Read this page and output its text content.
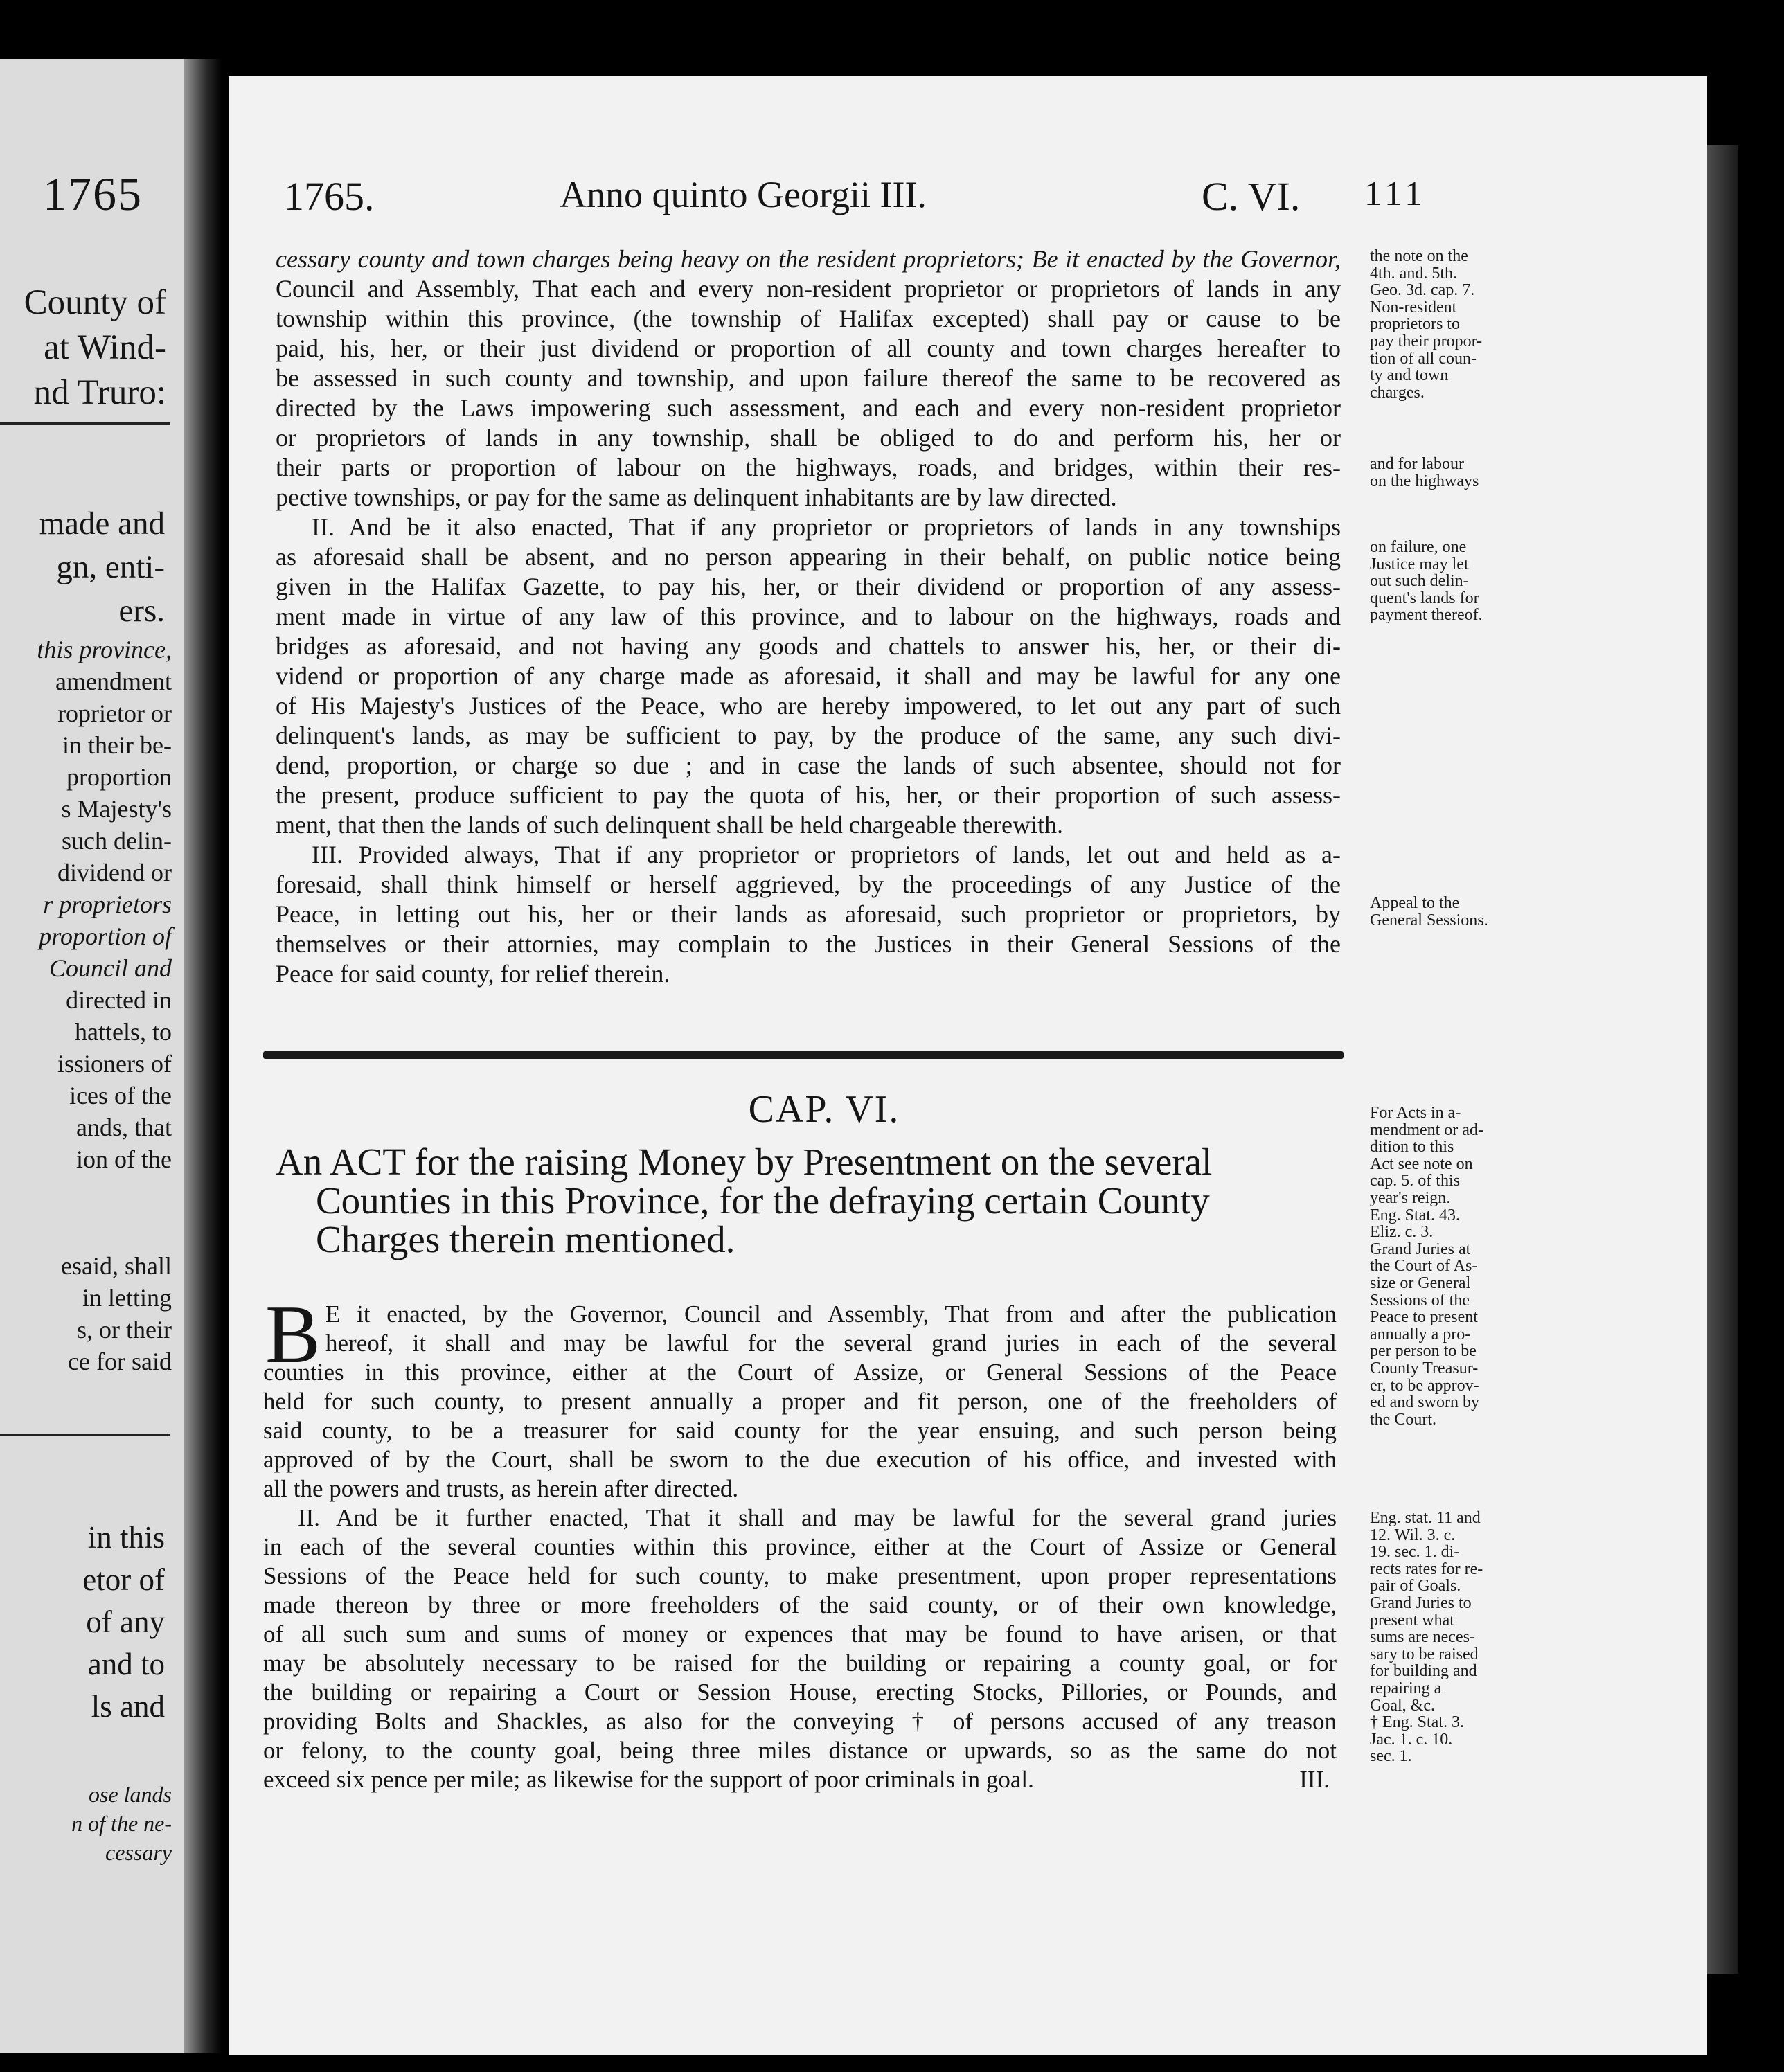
1765
County of
at Wind-
nd Truro:
made and
gn, enti-
ers.
this province,
amendment
roprietor or
in their be-
proportion
s Majesty's
such delin-
dividend or
r proprietors
proportion of
Council and
directed in
hattels, to
issioners of
ices of the
ands, that
ion of the
esaid, shall
in letting
s, or their
ce for said
in this
etor of
of any
and to
ls and
ose lands
n of the ne-
cessary
1765.	Anno quinto Georgii III.	C. VI. 111
cessary county and town charges being heavy on the resident proprietors; Be it enacted by the Governor,
Council and Assembly, That each and every non-resident proprietor or proprietors of lands in any
township within this province, (the township of Halifax excepted) shall pay or cause to be
paid, his, her, or their just dividend or proportion of all county and town charges hereafter to
be assessed in such county and township, and upon failure thereof the same to be recovered as
directed by the Laws impowering such assessment, and each and every non-resident proprietor
or proprietors of lands in any township, shall be obliged to do and perform his, her or
their parts or proportion of labour on the highways, roads, and bridges, within their res-
pective townships, or pay for the same as delinquent inhabitants are by law directed.
II. And be it also enacted, That if any proprietor or proprietors of lands in any townships
as aforesaid shall be absent, and no person appearing in their behalf, on public notice being
given in the Halifax Gazette, to pay his, her, or their dividend or proportion of any assess-
ment made in virtue of any law of this province, and to labour on the highways, roads and
bridges as aforesaid, and not having any goods and chattels to answer his, her, or their di-
vidend or proportion of any charge made as aforesaid, it shall and may be lawful for any one
of His Majesty's Justices of the Peace, who are hereby impowered, to let out any part of such
delinquent's lands, as may be sufficient to pay, by the produce of the same, any such divi-
dend, proportion, or charge so due ; and in case the lands of such absentee, should not for
the present, produce sufficient to pay the quota of his, her, or their proportion of such assess-
ment, that then the lands of such delinquent shall be held chargeable therewith.
III. Provided always, That if any proprietor or proprietors of lands, let out and held as a-
foresaid, shall think himself or herself aggrieved, by the proceedings of any Justice of the
Peace, in letting out his, her or their lands as aforesaid, such proprietor or proprietors, by
themselves or their attornies, may complain to the Justices in their General Sessions of the
Peace for said county, for relief therein.
CAP. VI.
An ACT for the raising Money by Presentment on the several
Counties in this Province, for the defraying certain County
Charges therein mentioned.
B E it enacted, by the Governor, Council and Assembly, That from and after the publication
hereof, it shall and may be lawful for the several grand juries in each of the several
counties in this province, either at the Court of Assize, or General Sessions of the Peace
held for such county, to present annually a proper and fit person, one of the freeholders of
said county, to be a treasurer for said county for the year ensuing, and such person being
approved of by the Court, shall be sworn to the due execution of his office, and invested with
all the powers and trusts, as herein after directed.
II. And be it further enacted, That it shall and may be lawful for the several grand juries
in each of the several counties within this province, either at the Court of Assize or General
Sessions of the Peace held for such county, to make presentment, upon proper representations
made thereon by three or more freeholders of the said county, or of their own knowledge,
of all such sum and sums of money or expences that may be found to have arisen, or that
may be absolutely necessary to be raised for the building or repairing a county goal, or for
the building or repairing a Court or Session House, erecting Stocks, Pillories, or Pounds, and
providing Bolts and Shackles, as also for the conveying † of persons accused of any treason
or felony, to the county goal, being three miles distance or upwards, so as the same do not
exceed six pence per mile; as likewise for the support of poor criminals in goal.	III.
the note on the
4th. and. 5th.
Geo. 3d. cap. 7.
Non-resident
proprietors to
pay their propor-
tion of all coun-
ty and town
charges.
and for labour
on the highways
on failure, one
Justice may let
out such delin-
quent's lands for
payment thereof.
Appeal to the
General Sessions.
For Acts in a-
mendment or ad-
dition to this
Act see note on
cap. 5. of this
year's reign.
Eng. Stat. 43.
Eliz. c. 3.
Grand Juries at
the Court of As-
size or General
Sessions of the
Peace to present
annually a pro-
per person to be
County Treasur-
er, to be approv-
ed and sworn by
the Court.
Eng. stat. 11 and
12. Wil. 3. c.
19. sec. 1. di-
rects rates for re-
pair of Goals.
Grand Juries to
present what
sums are neces-
sary to be raised
for building and
repairing a
Goal, &c.
† Eng. Stat. 3.
Jac. 1. c. 10.
sec. 1.
